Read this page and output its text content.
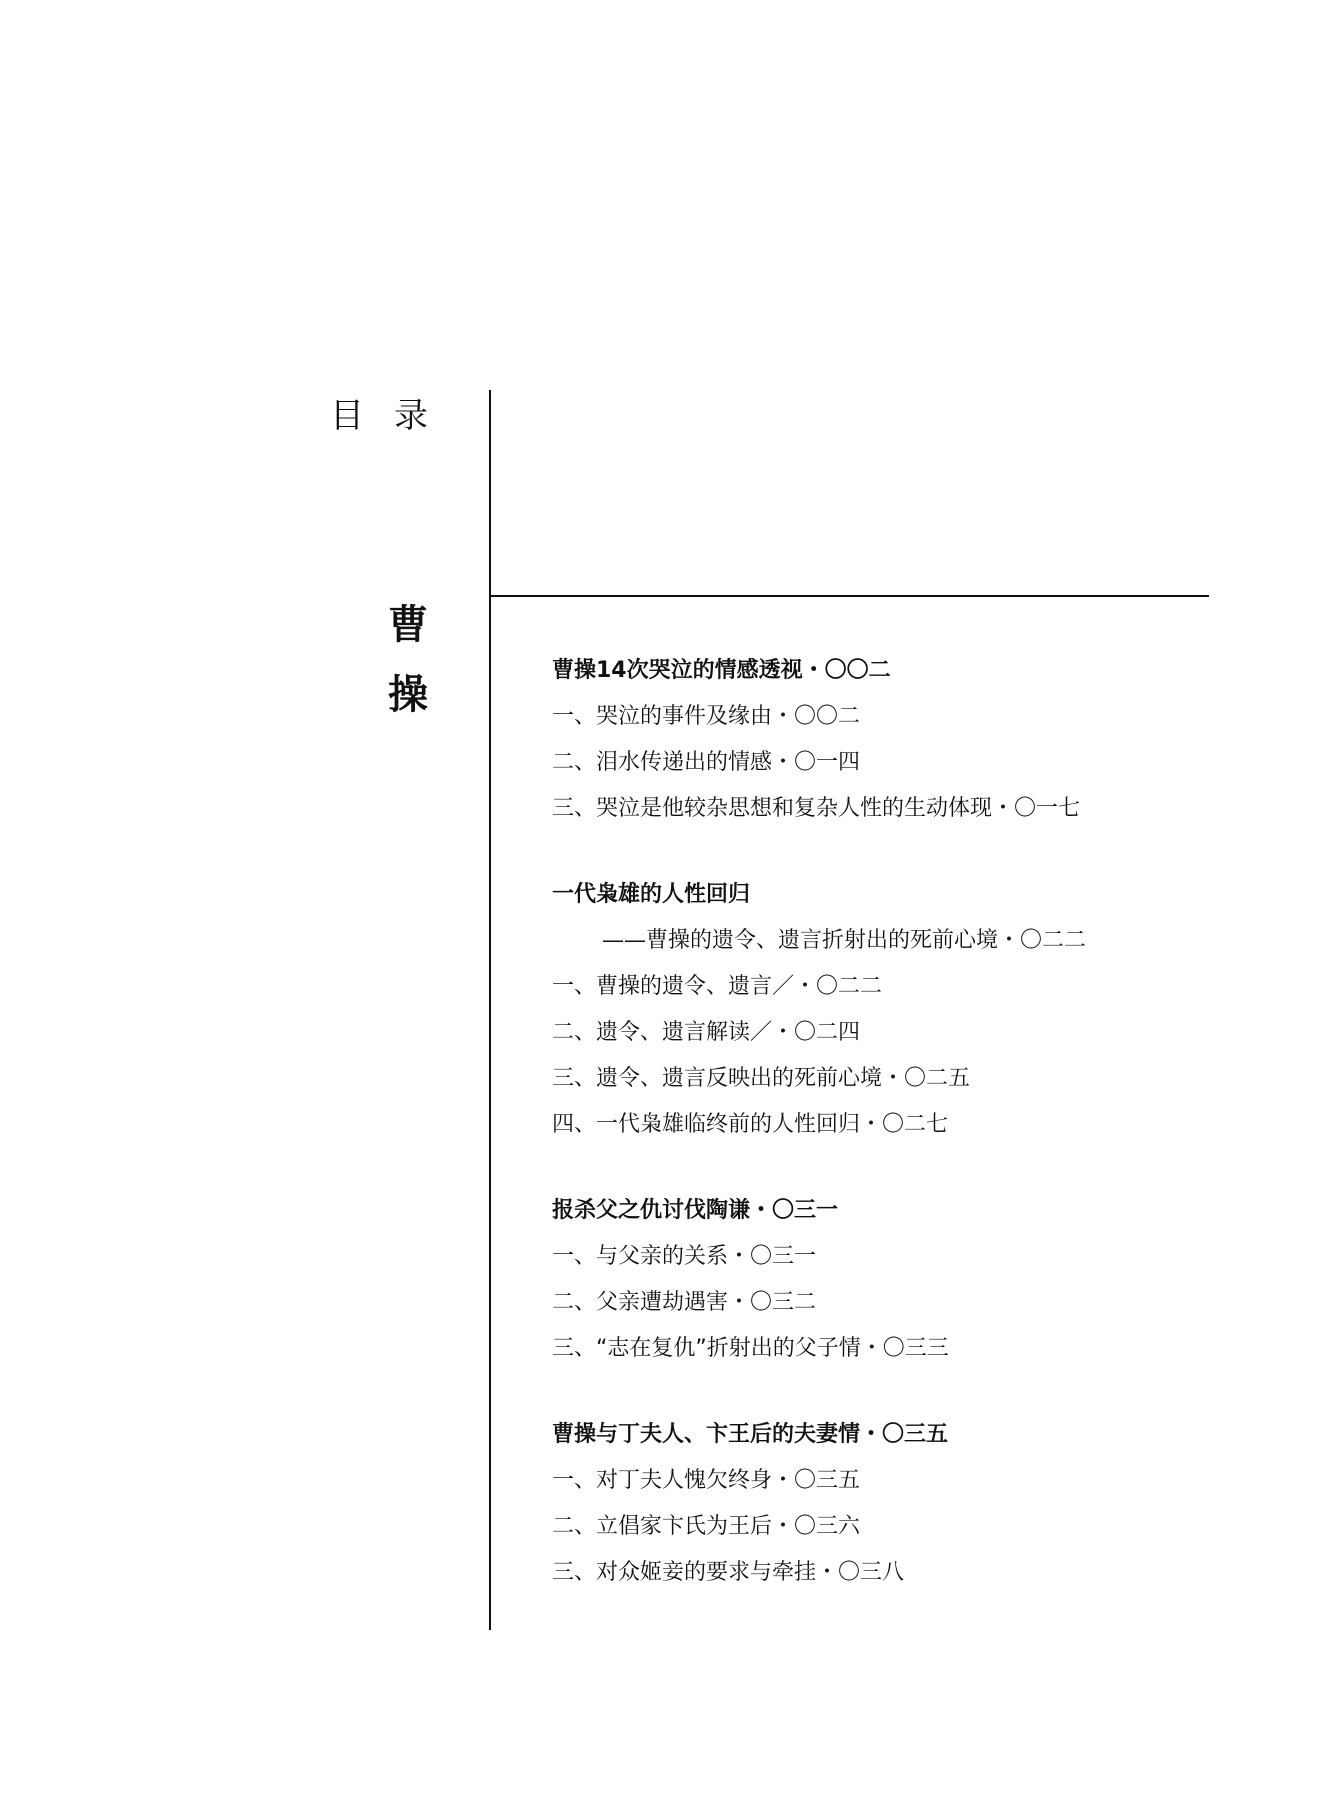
目录
曹
操
曹操14次哭泣的情感透视・〇〇二
一、哭泣的事件及缘由・〇〇二
二、泪水传递出的情感・〇一四
三、哭泣是他较杂思想和复杂人性的生动体现・〇一七
一代枭雄的人性回归
——曹操的遗令、遗言折射出的死前心境・〇二二
一、曹操的遗令、遗言／・〇二二
二、遗令、遗言解读／・〇二四
三、遗令、遗言反映出的死前心境・〇二五
四、一代枭雄临终前的人性回归・〇二七
报杀父之仇讨伐陶谦・〇三一
一、与父亲的关系・〇三一
二、父亲遭劫遇害・〇三二
三、“志在复仇”折射出的父子情・〇三三
曹操与丁夫人、卞王后的夫妻情・〇三五
一、对丁夫人愧欠终身・〇三五
二、立倡家卞氏为王后・〇三六
三、对众姬妾的要求与牵挂・〇三八
